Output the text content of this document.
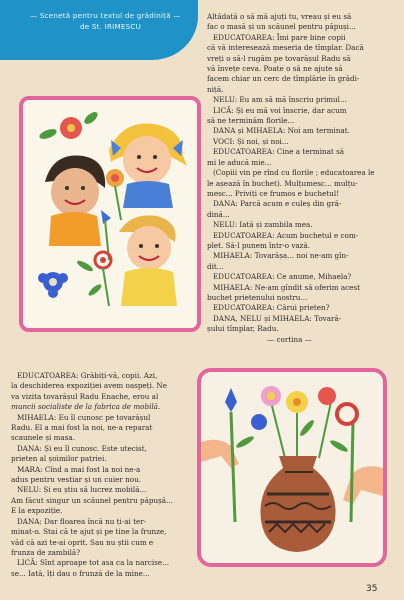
— Scenetă pentru textul de grădiniță —
de St. IRIMESCU
Altădată o să mă ajuți tu, vreau și eu să
fac o masă și un scăunel pentru păpuși...
EDUCATOAREA: Îmi pare bine copii
că vă interesează meseria de tîmplar. Dacă
vreți o să-l rugăm pe tovarășul Radu să
vă învețe ceva. Poate o să ne ajute să
facem chiar un cerc de tîmplărie în grădi-
niță.
NELU: Eu am să mă înscriu primul...
LICĂ: Și eu mă voi înscrie, dar acum
să ne terminăm florile...
DANA și MIHAELA: Noi am terminat.
VOCI: Și noi, și noi...
EDUCATOAREA: Cine a terminat să
mi le aducă mie...
(Copiii vin pe rînd cu florile ; educatoarea le
le așează în buchet). Mulțumesc... mulțu-
mesc... Priviți ce frumos e buchetul!
DANA: Parcă acum e culeș din gră-
dină...
NELU: Iată și zambila mea.
EDUCATOAREA: Acum buchetul e com-
plet. Să-l punem într-o vază.
MIHAELA: Tovarășa... noi ne-am gîn-
dit...
EDUCATOAREA: Ce anume, Mihaela?
MIHAELA: Ne-am gîndit să oferim acest
buchet prietenului nostru...
EDUCATOAREA: Cărui prieten?
DANA, NELU și MIHAELA: Tovară-
șului tîmplar, Radu.
— cortina —
EDUCATOAREA: Grăbiți-vă, copii. Azi,
la deschiderea expoziției avem oaspeți. Ne
va vizita tovarășul Radu Enache, erou al
muncii socialiste de la fabrica de mobilă.
MIHAELA: Eu îl cunosc pe tovarășul
Radu. El a mai fost la noi, ne-a reparat
scaunele și masa.
DANA: Și eu îl cunosc. Este utecist,
prieten al șoimilor patriei.
MARA: Cînd a mai fost la noi ne-a
adus pentru vestiar și un cuier nou.
NELU: Și eu știu să lucrez mobilă...
Am făcut singur un scăunel pentru păpușă...
E la expoziție.
DANA: Dar floarea încă nu ți-ai ter-
minat-o. Stai că te ajut și pe tine la frunze,
văd că azi te-ai oprit. Sau nu știi cum e
frunza de zambilă?
LICĂ: Sînt aproape tot asa ca la narcise...
se... Iată, îți dau o frunză de la mine...
35
